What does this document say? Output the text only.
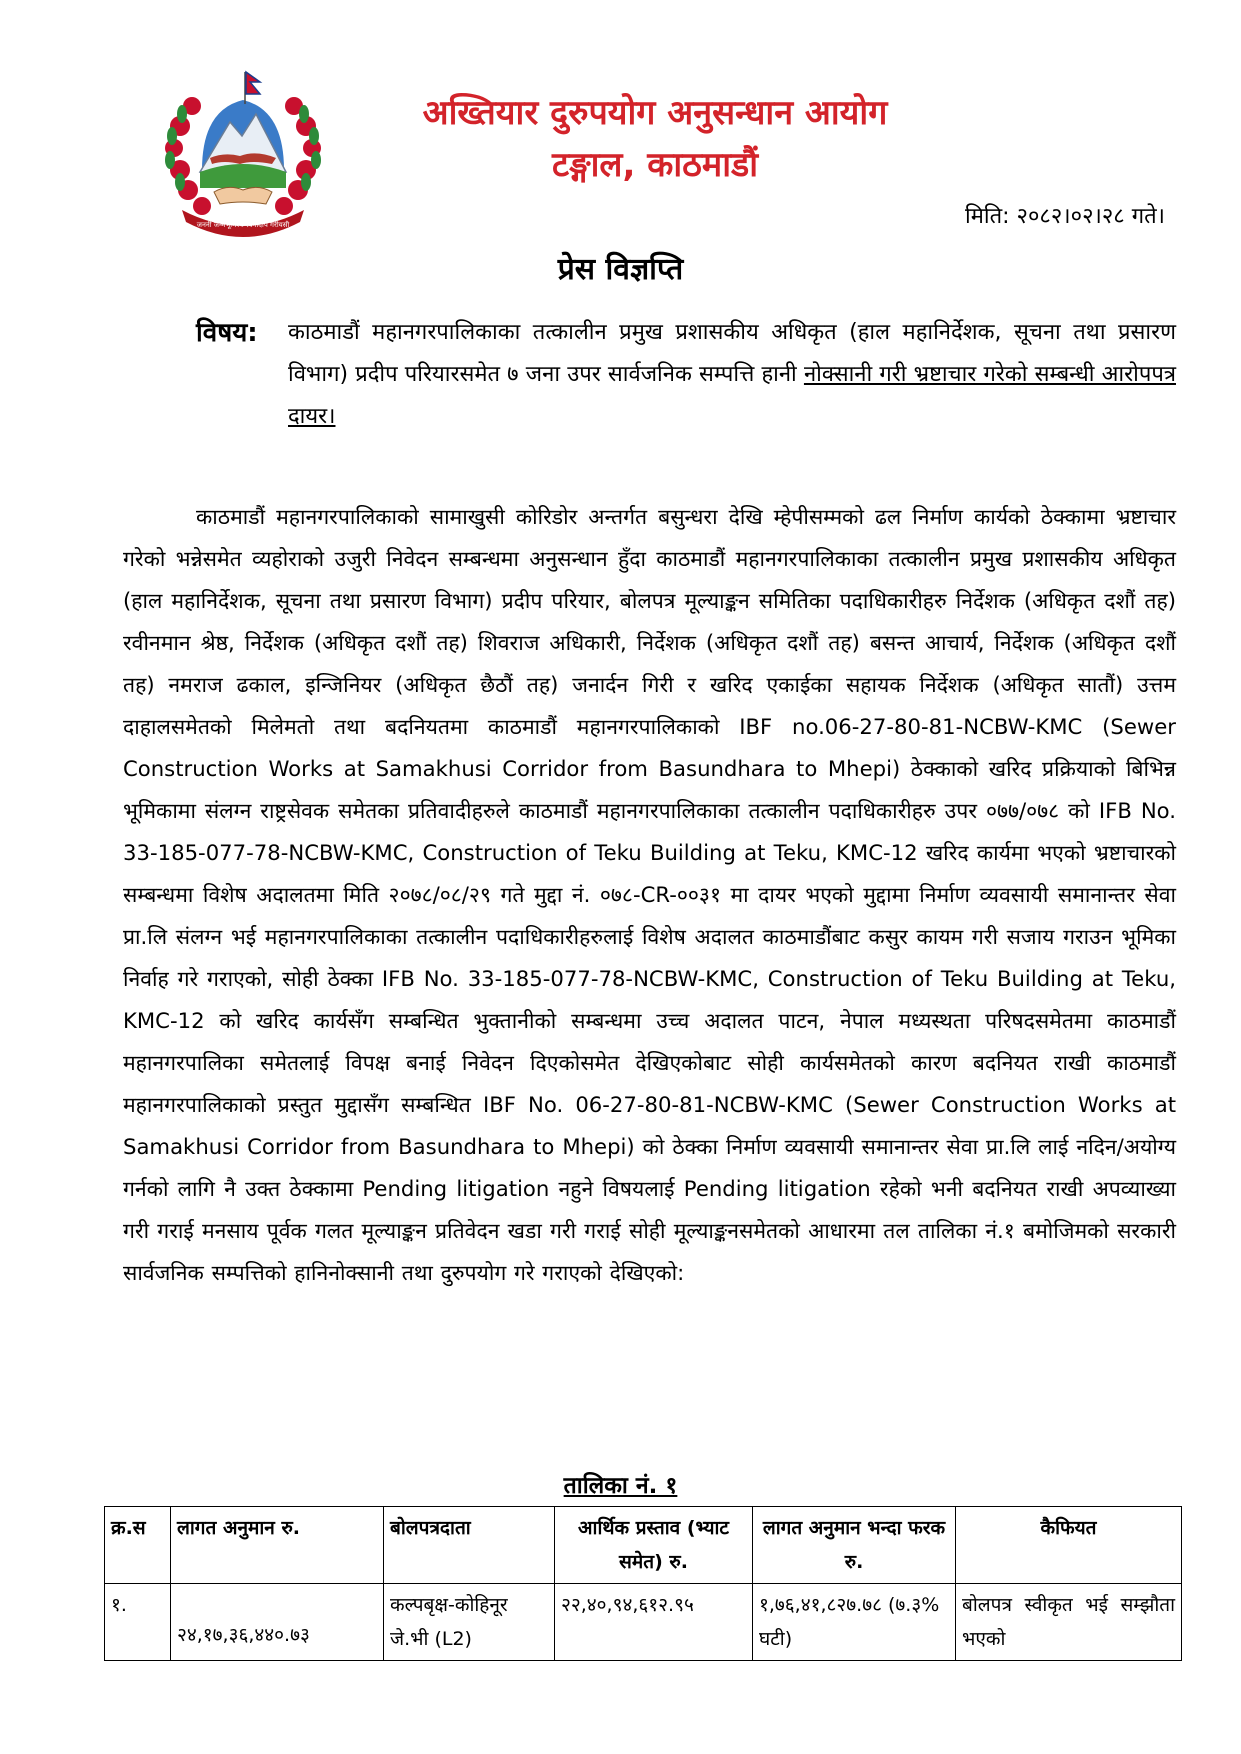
जननी जन्मभूमिश्च स्वर्गादपि गरीयसी
अख्तियार दुरुपयोग अनुसन्धान आयोग
टङ्गाल, काठमाडौं
मिति: २०८२।०२।२८ गते।
प्रेस विज्ञप्ति
विषय: काठमाडौं महानगरपालिकाका तत्कालीन प्रमुख प्रशासकीय अधिकृत (हाल महानिर्देशक, सूचना तथा प्रसारण विभाग) प्रदीप परियारसमेत ७ जना उपर सार्वजनिक सम्पत्ति हानी नोक्सानी गरी भ्रष्टाचार गरेको सम्बन्धी आरोपपत्र दायर।
काठमाडौं महानगरपालिकाको सामाखुसी कोरिडोर अन्तर्गत बसुन्धरा देखि म्हेपीसम्मको ढल निर्माण कार्यको ठेक्कामा भ्रष्टाचार गरेको भन्नेसमेत व्यहोराको उजुरी निवेदन सम्बन्धमा अनुसन्धान हुँदा काठमाडौं महानगरपालिकाका तत्कालीन प्रमुख प्रशासकीय अधिकृत (हाल महानिर्देशक, सूचना तथा प्रसारण विभाग) प्रदीप परियार, बोलपत्र मूल्याङ्कन समितिका पदाधिकारीहरु निर्देशक (अधिकृत दशौं तह) रवीनमान श्रेष्ठ, निर्देशक (अधिकृत दशौं तह) शिवराज अधिकारी, निर्देशक (अधिकृत दशौं तह) बसन्त आचार्य, निर्देशक (अधिकृत दशौं तह) नमराज ढकाल, इन्जिनियर (अधिकृत छैठौं तह) जनार्दन गिरी र खरिद एकाईका सहायक निर्देशक (अधिकृत सातौं) उत्तम दाहालसमेतको मिलेमतो तथा बदनियतमा काठमाडौं महानगरपालिकाको IBF no.06-27-80-81-NCBW-KMC (Sewer Construction Works at Samakhusi Corridor from Basundhara to Mhepi) ठेक्काको खरिद प्रक्रियाको बिभिन्न भूमिकामा संलग्न राष्ट्रसेवक समेतका प्रतिवादीहरुले काठमाडौं महानगरपालिकाका तत्कालीन पदाधिकारीहरु उपर ०७७/०७८ को IFB No. 33-185-077-78-NCBW-KMC, Construction of Teku Building at Teku, KMC-12 खरिद कार्यमा भएको भ्रष्टाचारको सम्बन्धमा विशेष अदालतमा मिति २०७८/०८/२९ गते मुद्दा नं. ०७८-CR-००३१ मा दायर भएको मुद्दामा निर्माण व्यवसायी समानान्तर सेवा प्रा.लि संलग्न भई महानगरपालिकाका तत्कालीन पदाधिकारीहरुलाई विशेष अदालत काठमाडौंबाट कसुर कायम गरी सजाय गराउन भूमिका निर्वाह गरे गराएको, सोही ठेक्का IFB No. 33-185-077-78-NCBW-KMC, Construction of Teku Building at Teku, KMC-12 को खरिद कार्यसँग सम्बन्धित भुक्तानीको सम्बन्धमा उच्च अदालत पाटन, नेपाल मध्यस्थता परिषदसमेतमा काठमाडौं महानगरपालिका समेतलाई विपक्ष बनाई निवेदन दिएकोसमेत देखिएकोबाट सोही कार्यसमेतको कारण बदनियत राखी काठमाडौं महानगरपालिकाको प्रस्तुत मुद्दासँग सम्बन्धित IBF No. 06-27-80-81-NCBW-KMC (Sewer Construction Works at Samakhusi Corridor from Basundhara to Mhepi) को ठेक्का निर्माण व्यवसायी समानान्तर सेवा प्रा.लि लाई नदिन/अयोग्य गर्नको लागि नै उक्त ठेक्कामा Pending litigation नहुने विषयलाई Pending litigation रहेको भनी बदनियत राखी अपव्याख्या गरी गराई मनसाय पूर्वक गलत मूल्याङ्कन प्रतिवेदन खडा गरी गराई सोही मूल्याङ्कनसमेतको आधारमा तल तालिका नं.१ बमोजिमको सरकारी सार्वजनिक सम्पत्तिको हानिनोक्सानी तथा दुरुपयोग गरे गराएको देखिएको:
तालिका नं. १
क्र.स	लागत अनुमान रु.	बोलपत्रदाता	आर्थिक प्रस्ताव (भ्याट समेत) रु.	लागत अनुमान भन्दा फरक रु.	कैफियत
१.	२४,१७,३६,४४०.७३	कल्पबृक्ष-कोहिनूर जे.भी (L2)	२२,४०,९४,६१२.९५	१,७६,४१,८२७.७८ (७.३% घटी)	बोलपत्र स्वीकृत भई सम्झौता भएको
